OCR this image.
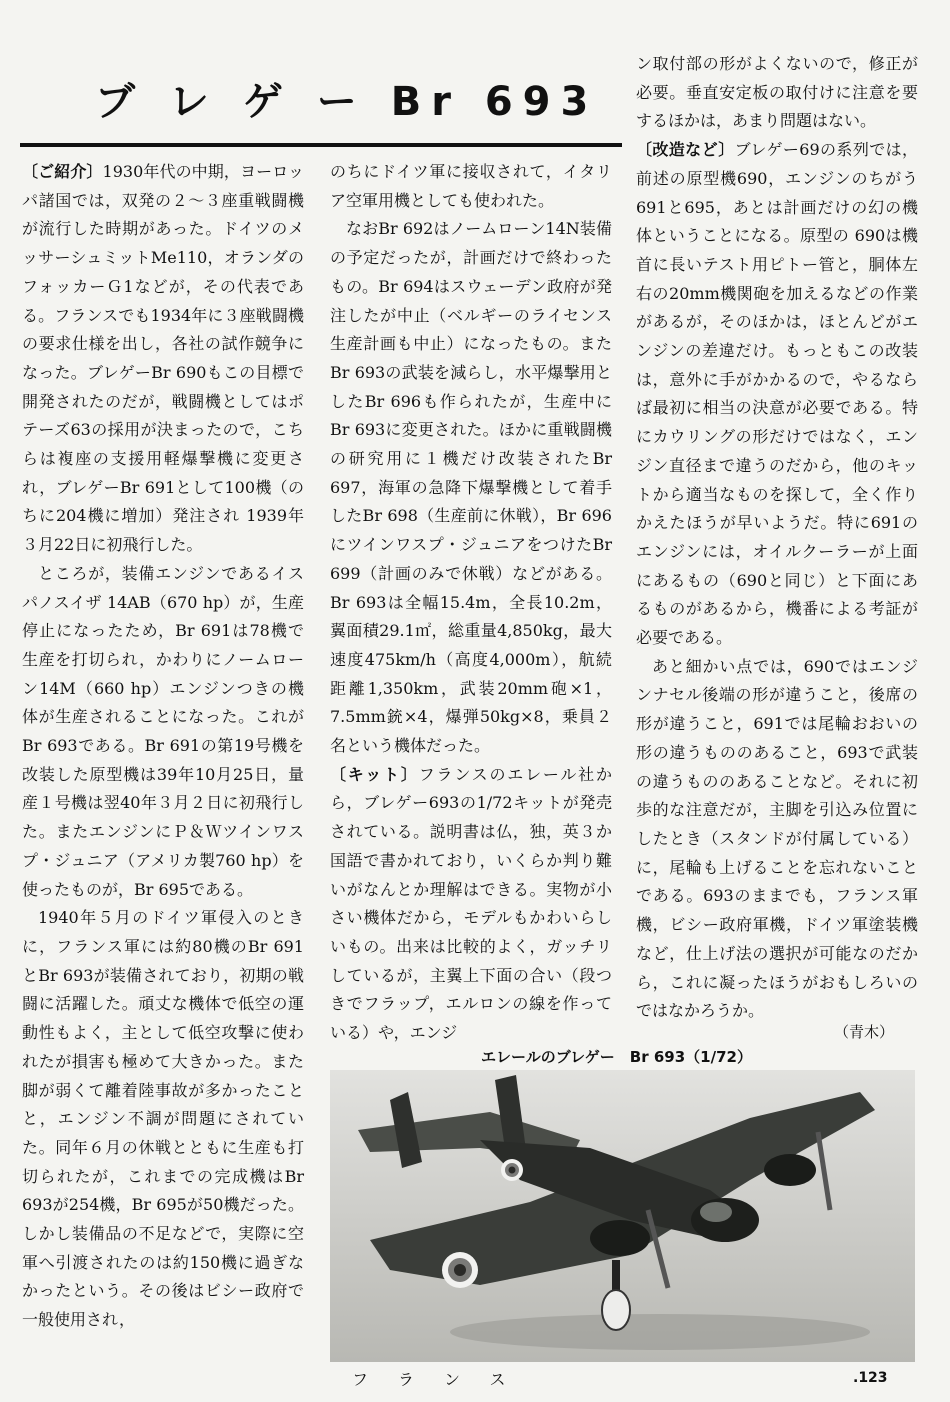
ブ レ ゲ ー Br 693

〔ご紹介〕1930年代の中期，ヨーロッパ諸国では，双発の２～３座重戦闘機が流行した時期があった。ドイツのメッサーシュミットMe110，オランダのフォッカーＧ1などが，その代表である。フランスでも1934年に３座戦闘機の要求仕様を出し，各社の試作競争になった。ブレゲーBr 690もこの目標で開発されたのだが，戦闘機としてはポテーズ63の採用が決まったので，こちらは複座の支援用軽爆撃機に変更され，ブレゲーBr 691として100機（のちに204機に増加）発注され 1939年３月22日に初飛行した。

ところが，装備エンジンであるイスパノスイザ 14AB（670 hp）が，生産停止になったため，Br 691は78機で生産を打切られ，かわりにノームローン14M（660 hp）エンジンつきの機体が生産されることになった。これがBr 693である。Br 691の第19号機を改装した原型機は39年10月25日，量産１号機は翌40年３月２日に初飛行した。またエンジンにＰ＆Ｗツインワスプ・ジュニア（アメリカ製760 hp）を使ったものが，Br 695である。

1940年５月のドイツ軍侵入のときに，フランス軍には約80機のBr 691とBr 693が装備されており，初期の戦闘に活躍した。頑丈な機体で低空の運動性もよく，主として低空攻撃に使われたが損害も極めて大きかった。また脚が弱くて離着陸事故が多かったことと，エンジン不調が問題にされていた。同年６月の休戦とともに生産も打切られたが，これまでの完成機はBr 693が254機，Br 695が50機だった。しかし装備品の不足などで，実際に空軍へ引渡されたのは約150機に過ぎなかったという。その後はビシー政府で一般使用され，

のちにドイツ軍に接収されて，イタリア空軍用機としても使われた。

なおBr 692はノームローン14N装備の予定だったが，計画だけで終わったもの。Br 694はスウェーデン政府が発注したが中止（ベルギーのライセンス生産計画も中止）になったもの。またBr 693の武装を減らし，水平爆撃用としたBr 696も作られたが，生産中にBr 693に変更された。ほかに重戦闘機の研究用に１機だけ改装されたBr 697，海軍の急降下爆撃機として着手したBr 698（生産前に休戦），Br 696にツインワスプ・ジュニアをつけたBr 699（計画のみで休戦）などがある。Br 693は全幅15.4m，全長10.2m，翼面積29.1㎡，総重量4,850kg，最大速度475km/h（高度4,000m），航続距離1,350km，武装20mm砲×1，7.5mm銃×4，爆弾50kg×8，乗員２名という機体だった。

〔キット〕フランスのエレール社から，ブレゲー693の1/72キットが発売されている。説明書は仏，独，英３か国語で書かれており，いくらか判り難いがなんとか理解はできる。実物が小さい機体だから，モデルもかわいらしいもの。出来は比較的よく，ガッチリしているが，主翼上下面の合い（段つきでフラップ，エルロンの線を作っている）や，エンジ

ン取付部の形がよくないので，修正が必要。垂直安定板の取付けに注意を要するほかは，あまり問題はない。

〔改造など〕ブレゲー69の系列では，前述の原型機690，エンジンのちがう691と695，あとは計画だけの幻の機体ということになる。原型の 690は機首に長いテスト用ピトー管と，胴体左右の20mm機関砲を加えるなどの作業があるが，そのほかは，ほとんどがエンジンの差違だけ。もっともこの改装は，意外に手がかかるので，やるならば最初に相当の決意が必要である。特にカウリングの形だけではなく，エンジン直径まで違うのだから，他のキットから適当なものを探して，全く作りかえたほうが早いようだ。特に691のエンジンには，オイルクーラーが上面にあるもの（690と同じ）と下面にあるものがあるから，機番による考証が必要である。

あと細かい点では，690ではエンジンナセル後端の形が違うこと，後席の形が違うこと，691では尾輪おおいの形の違うもののあること，693で武装の違うもののあることなど。それに初歩的な注意だが，主脚を引込み位置にしたとき（スタンドが付属している）に，尾輪も上げることを忘れないことである。693のままでも，フランス軍機，ビシー政府軍機，ドイツ軍塗装機など，仕上げ法の選択が可能なのだから，これに凝ったほうがおもしろいのではなかろうか。

（青木）
エレールのブレゲー　Br 693（1/72）
フランス	.123
